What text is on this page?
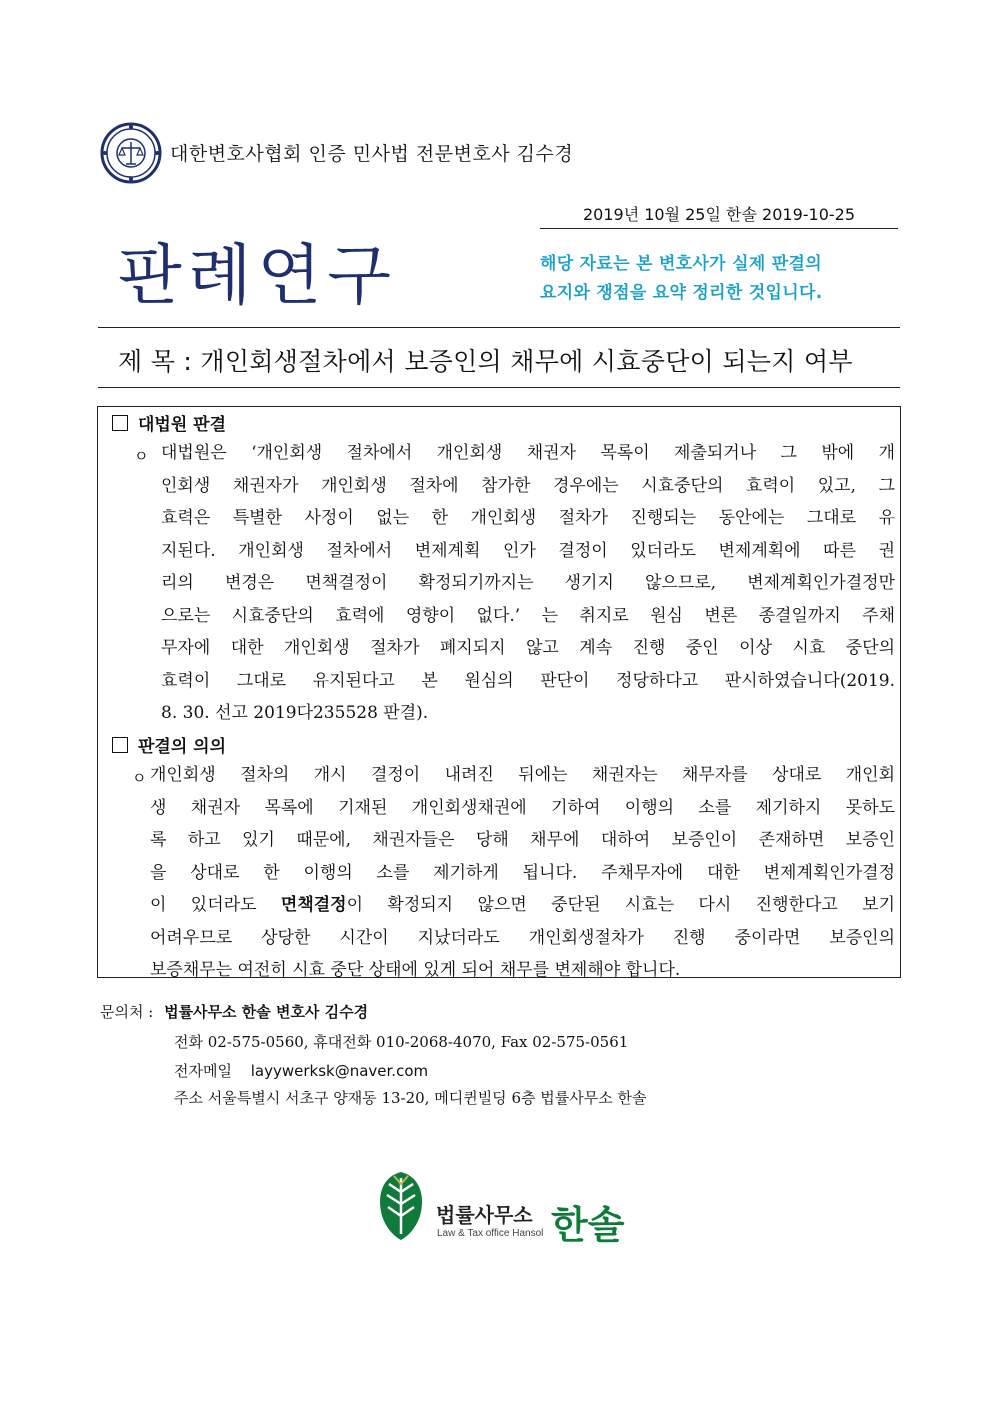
대한변호사협회 인증 민사법 전문변호사 김수경
2019년 10월 25일 한솔 2019-10-25
판례연구	해당 자료는 본 변호사가 실제 판결의
요지와 쟁점을 요약 정리한 것입니다.
제 목 : 개인회생절차에서 보증인의 채무에 시효중단이 되는지 여부
대법원 판결
ㅇ 대법원은 ‘개인회생 절차에서 개인회생 채권자 목록이 제출되거나 그 밖에 개
인회생 채권자가 개인회생 절차에 참가한 경우에는 시효중단의 효력이 있고, 그
효력은 특별한 사정이 없는 한 개인회생 절차가 진행되는 동안에는 그대로 유
지된다. 개인회생 절차에서 변제계획 인가 결정이 있더라도 변제계획에 따른 권
리의 변경은 면책결정이 확정되기까지는 생기지 않으므로, 변제계획인가결정만
으로는 시효중단의 효력에 영향이 없다.’ 는 취지로 원심 변론 종결일까지 주채
무자에 대한 개인회생 절차가 폐지되지 않고 계속 진행 중인 이상 시효 중단의
효력이 그대로 유지된다고 본 원심의 판단이 정당하다고 판시하였습니다(2019.
8. 30. 선고 2019다235528 판결).
판결의 의의
ㅇ 개인회생 절차의 개시 결정이 내려진 뒤에는 채권자는 채무자를 상대로 개인회
생 채권자 목록에 기재된 개인회생채권에 기하여 이행의 소를 제기하지 못하도
록 하고 있기 때문에, 채권자들은 당해 채무에 대하여 보증인이 존재하면 보증인
을 상대로 한 이행의 소를 제기하게 됩니다. 주채무자에 대한 변제계획인가결정
이 있더라도 면책결정이 확정되지 않으면 중단된 시효는 다시 진행한다고 보기
어려우므로 상당한 시간이 지났더라도 개인회생절차가 진행 중이라면 보증인의
보증채무는 여전히 시효 중단 상태에 있게 되어 채무를 변제해야 합니다.
문의처 : 법률사무소 한솔 변호사 김수경
전화 02-575-0560, 휴대전화 010-2068-4070, Fax 02-575-0561
전자메일 layywerksk@naver.com
주소 서울특별시 서초구 양재동 13-20, 메디퀸빌딩 6층 법률사무소 한솔
법률사무소 한솔
Law & Tax office Hansol
